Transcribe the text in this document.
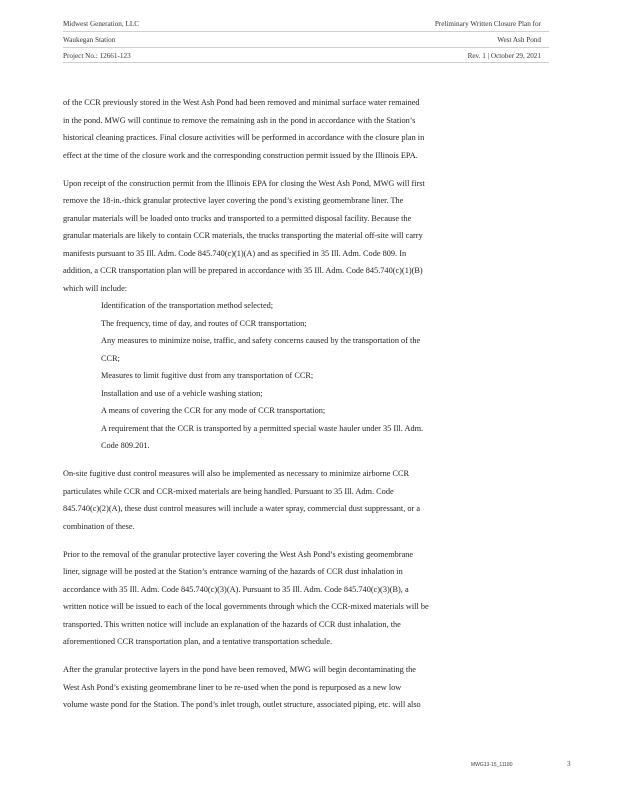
Midwest Generation, LLC
Waukegan Station
Project No.: 12661-123
Preliminary Written Closure Plan for
West Ash Pond
Rev. 1 | October 29, 2021
of the CCR previously stored in the West Ash Pond had been removed and minimal surface water remained
in the pond. MWG will continue to remove the remaining ash in the pond in accordance with the Station’s
historical cleaning practices. Final closure activities will be performed in accordance with the closure plan in
effect at the time of the closure work and the corresponding construction permit issued by the Illinois EPA.
Upon receipt of the construction permit from the Illinois EPA for closing the West Ash Pond, MWG will first
remove the 18-in.-thick granular protective layer covering the pond’s existing geomembrane liner. The
granular materials will be loaded onto trucks and transported to a permitted disposal facility. Because the
granular materials are likely to contain CCR materials, the trucks transporting the material off-site will carry
manifests pursuant to 35 Ill. Adm. Code 845.740(c)(1)(A) and as specified in 35 Ill. Adm. Code 809. In
addition, a CCR transportation plan will be prepared in accordance with 35 Ill. Adm. Code 845.740(c)(1)(B)
which will include:
Identification of the transportation method selected;
The frequency, time of day, and routes of CCR transportation;
Any measures to minimize noise, traffic, and safety concerns caused by the transportation of the
CCR;
Measures to limit fugitive dust from any transportation of CCR;
Installation and use of a vehicle washing station;
A means of covering the CCR for any mode of CCR transportation;
A requirement that the CCR is transported by a permitted special waste hauler under 35 Ill. Adm.
Code 809.201.
On-site fugitive dust control measures will also be implemented as necessary to minimize airborne CCR
particulates while CCR and CCR-mixed materials are being handled. Pursuant to 35 Ill. Adm. Code
845.740(c)(2)(A), these dust control measures will include a water spray, commercial dust suppressant, or a
combination of these.
Prior to the removal of the granular protective layer covering the West Ash Pond’s existing geomembrane
liner, signage will be posted at the Station’s entrance warning of the hazards of CCR dust inhalation in
accordance with 35 Ill. Adm. Code 845.740(c)(3)(A). Pursuant to 35 Ill. Adm. Code 845.740(c)(3)(B), a
written notice will be issued to each of the local governments through which the CCR-mixed materials will be
transported. This written notice will include an explanation of the hazards of CCR dust inhalation, the
aforementioned CCR transportation plan, and a tentative transportation schedule.
After the granular protective layers in the pond have been removed, MWG will begin decontaminating the
West Ash Pond’s existing geomembrane liner to be re-used when the pond is repurposed as a new low
volume waste pond for the Station. The pond’s inlet trough, outlet structure, associated piping, etc. will also
MWG13-15_11180	3
